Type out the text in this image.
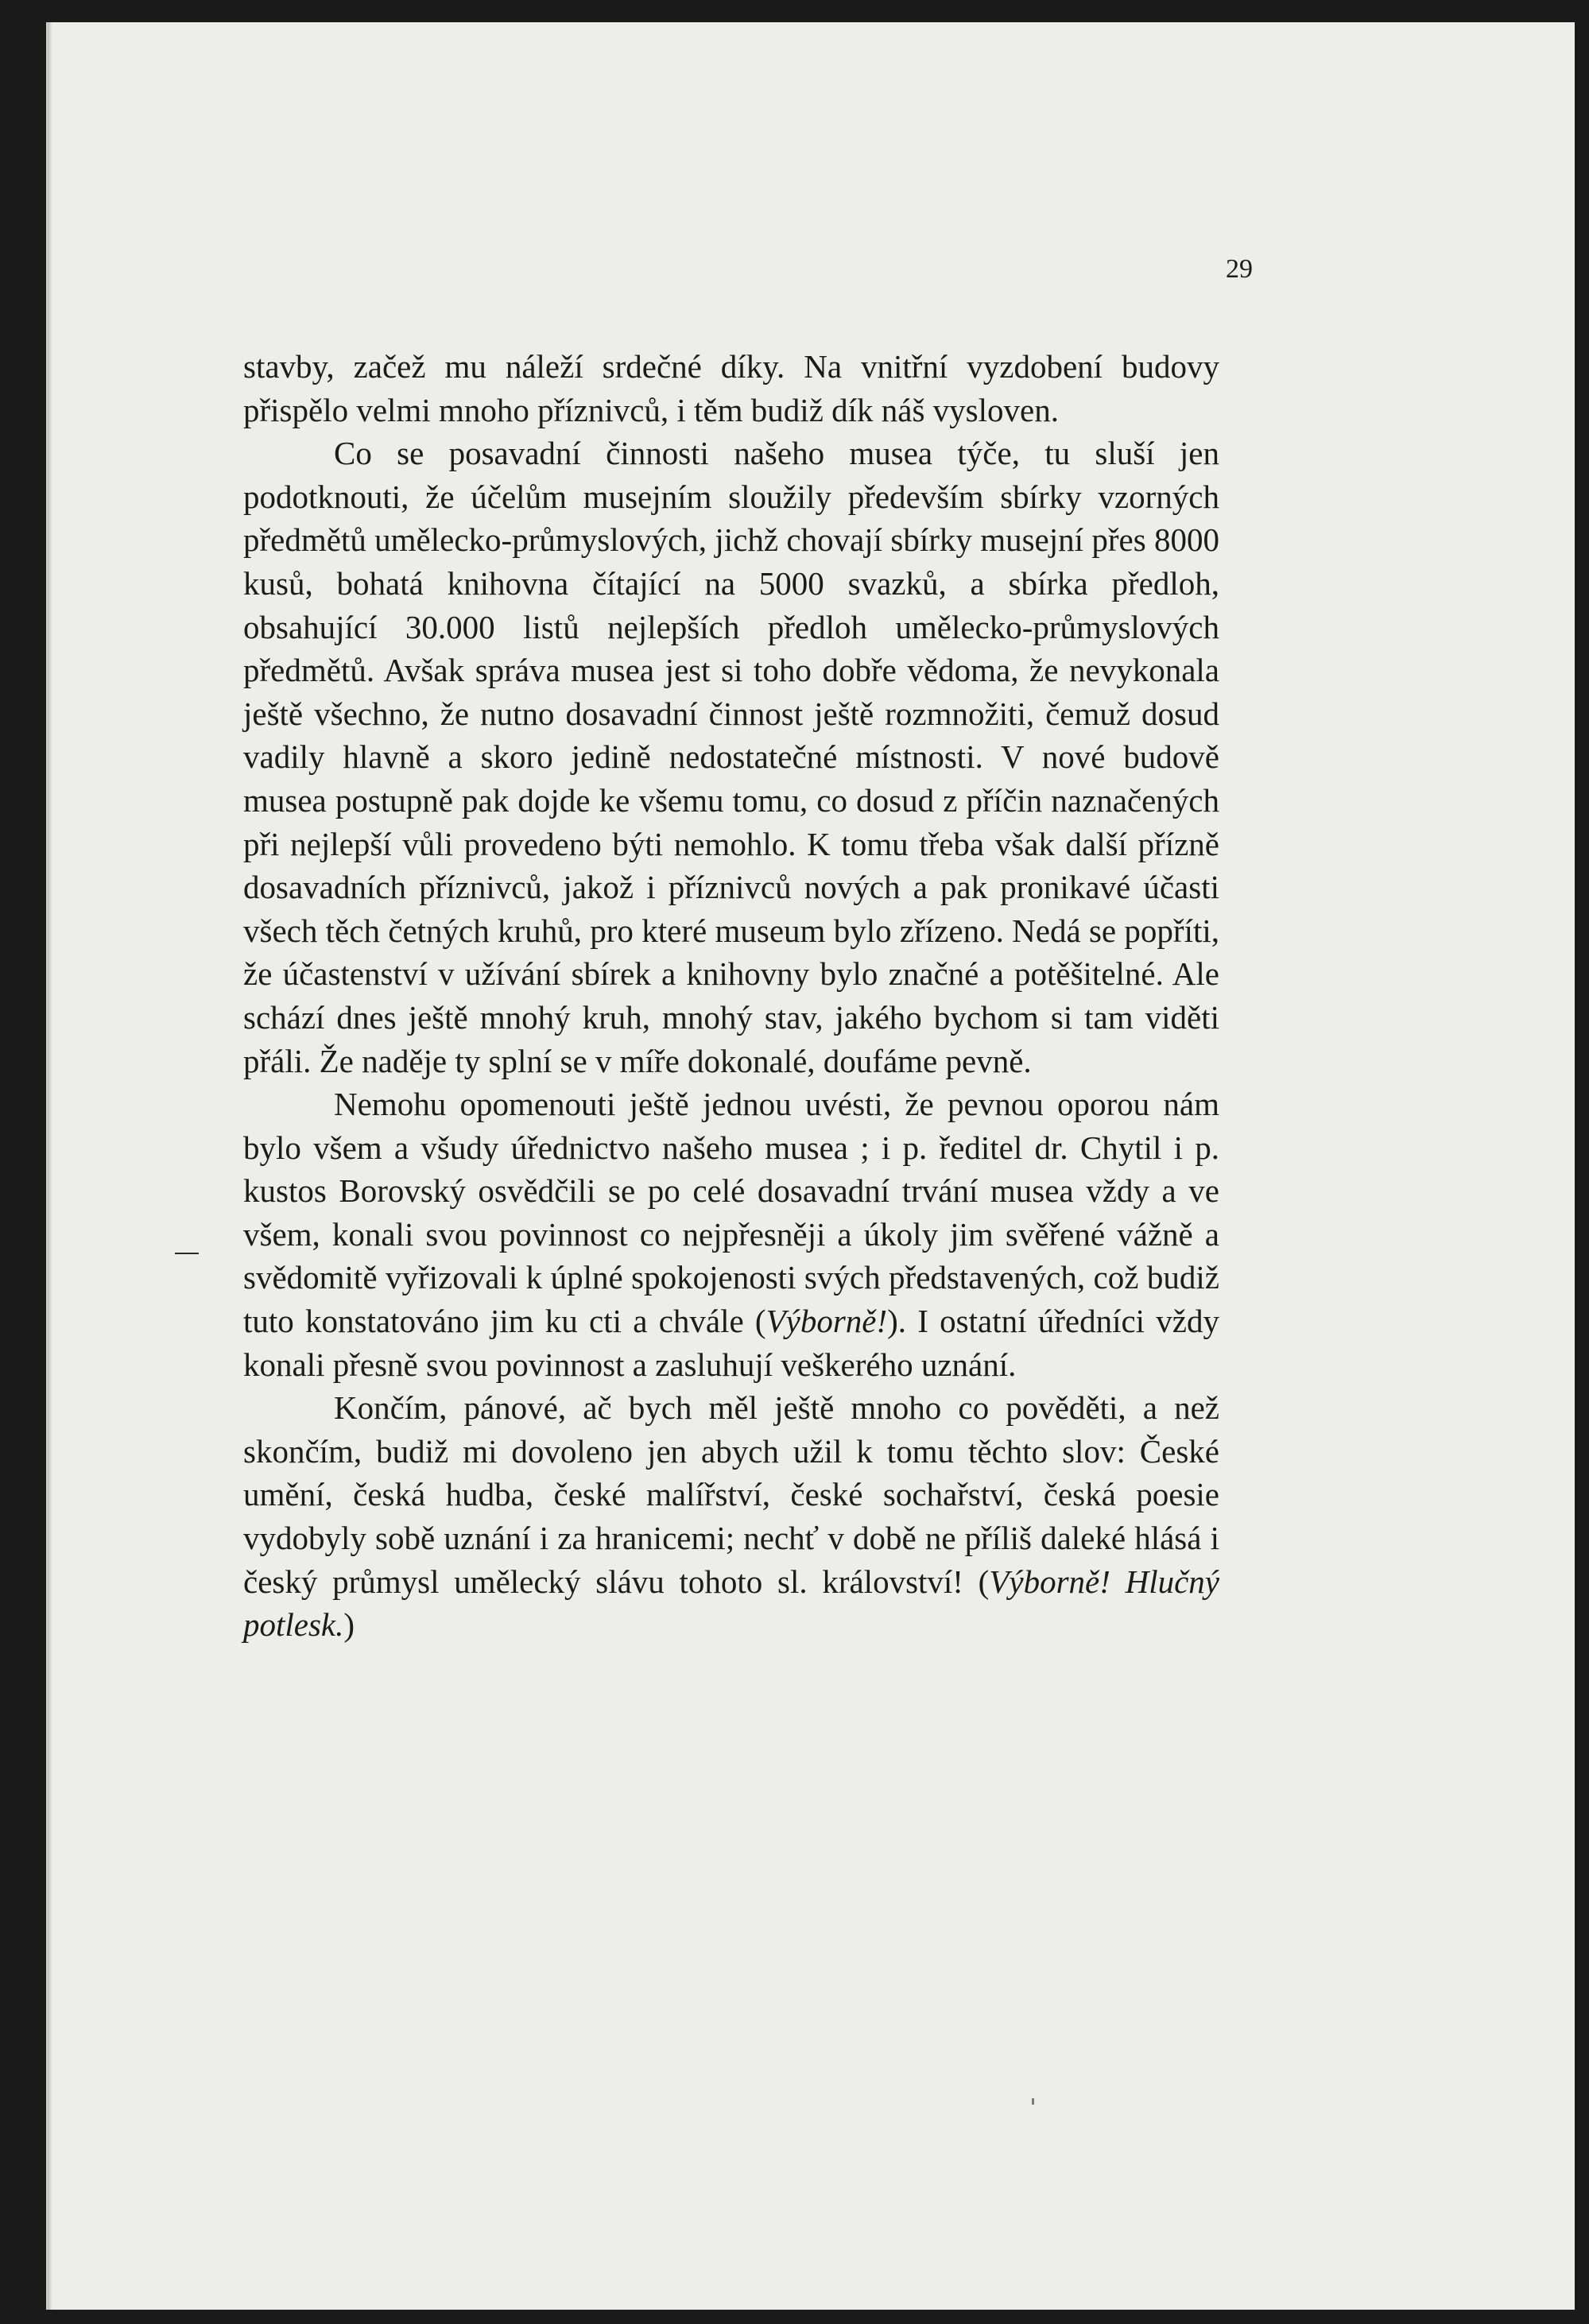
29

stavby, začež mu náleží srdečné díky. Na vnitřní vyzdobení budovy přispělo velmi mnoho příznivců, i těm budiž dík náš vysloven.

Co se posavadní činnosti našeho musea týče, tu sluší jen podotknouti, že účelům musejním sloužily především sbírky vzorných předmětů umělecko-průmyslových, jichž chovají sbírky musejní přes 8000 kusů, bohatá knihovna čítající na 5000 svazků, a sbírka předloh, obsahující 30.000 listů nejlepších předloh umělecko-průmyslových předmětů. Avšak správa musea jest si toho dobře vědoma, že nevykonala ještě všechno, že nutno dosavadní činnost ještě rozmnožiti, čemuž dosud vadily hlavně a skoro jedině nedostatečné místnosti. V nové budově musea postupně pak dojde ke všemu tomu, co dosud z příčin naznačených při nejlepší vůli provedeno býti nemohlo. K tomu třeba však další přízně dosavadních příznivců, jakož i příznivců nových a pak pronikavé účasti všech těch četných kruhů, pro které museum bylo zřízeno. Nedá se popříti, že účastenství v užívání sbírek a knihovny bylo značné a potěšitelné. Ale schází dnes ještě mnohý kruh, mnohý stav, jakého bychom si tam viděti přáli. Že naděje ty splní se v míře dokonalé, doufáme pevně.

Nemohu opomenouti ještě jednou uvésti, že pevnou oporou nám bylo všem a všudy úřednictvo našeho musea ; i p. ředitel dr. Chytil i p. kustos Borovský osvědčili se po celé dosavadní trvání musea vždy a ve všem, konali svou povinnost co nejpřesněji a úkoly jim svěřené vážně a svědomitě vyřizovali k úplné spokojenosti svých představených, což budiž tuto konstatováno jim ku cti a chvále (Výborně!). I ostatní úředníci vždy konali přesně svou povinnost a zasluhují veškerého uznání.

Končím, pánové, ač bych měl ještě mnoho co pověděti, a než skončím, budiž mi dovoleno jen abych užil k tomu těchto slov: České umění, česká hudba, české malířství, české sochařství, česká poesie vydobyly sobě uznání i za hranicemi; nechť v době ne příliš daleké hlásá i český průmysl umělecký slávu tohoto sl. království! (Výborně! Hlučný potlesk.)
